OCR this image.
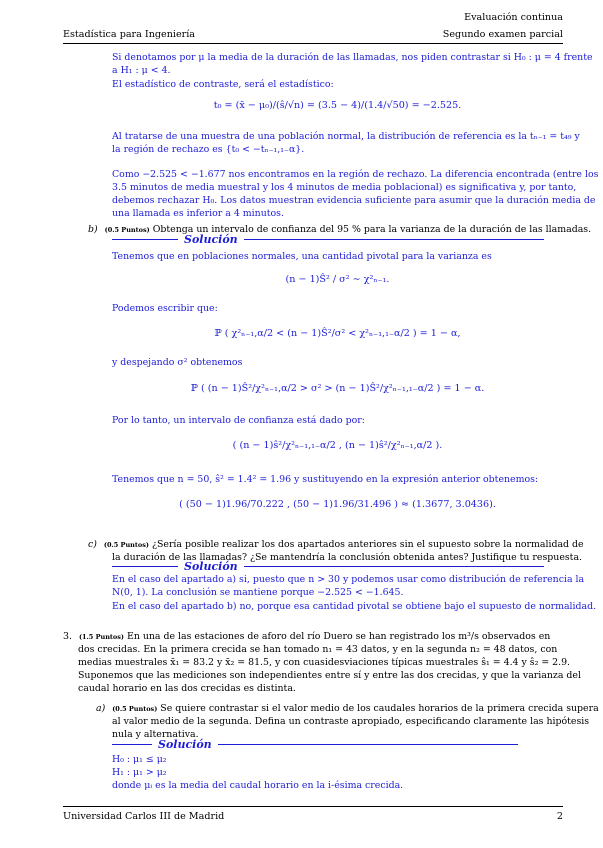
Evaluación continua
Estadística para Ingeniería	Segundo examen parcial
Si denotamos por μ la media de la duración de las llamadas, nos piden contrastar si H₀ : μ = 4 frente
a H₁ : μ < 4.
El estadístico de contraste, será el estadístico:
t₀ = (x̄ − μ₀)/(ŝ/√n) = (3.5 − 4)/(1.4/√50) = −2.525.
Al tratarse de una muestra de una población normal, la distribución de referencia es la tₙ₋₁ = t₄₉ y
la región de rechazo es {t₀ < −tₙ₋₁,₁₋α}.
Como −2.525 < −1.677 nos encontramos en la región de rechazo. La diferencia encontrada (entre los
3.5 minutos de media muestral y los 4 minutos de media poblacional) es significativa y, por tanto,
debemos rechazar H₀. Los datos muestran evidencia suficiente para asumir que la duración media de
una llamada es inferior a 4 minutos.
b) (0.5 Puntos) Obtenga un intervalo de confianza del 95 % para la varianza de la duración de las llamadas.
Solución
Tenemos que en poblaciones normales, una cantidad pivotal para la varianza es
(n − 1)Ŝ² / σ² ∼ χ²ₙ₋₁.
Podemos escribir que:
ℙ ( χ²ₙ₋₁,α/2 < (n − 1)Ŝ²/σ² < χ²ₙ₋₁,₁₋α/2 ) = 1 − α,
y despejando σ² obtenemos
ℙ ( (n − 1)Ŝ²/χ²ₙ₋₁,α/2 > σ² > (n − 1)Ŝ²/χ²ₙ₋₁,₁₋α/2 ) = 1 − α.
Por lo tanto, un intervalo de confianza está dado por:
( (n − 1)ŝ²/χ²ₙ₋₁,₁₋α/2 , (n − 1)ŝ²/χ²ₙ₋₁,α/2 ).
Tenemos que n = 50, ŝ² = 1.4² = 1.96 y sustituyendo en la expresión anterior obtenemos:
( (50 − 1)1.96/70.222 , (50 − 1)1.96/31.496 ) ≈ (1.3677, 3.0436).
c) (0.5 Puntos) ¿Sería posible realizar los dos apartados anteriores sin el supuesto sobre la normalidad de
la duración de las llamadas? ¿Se mantendría la conclusión obtenida antes? Justifique tu respuesta.
Solución
En el caso del apartado a) si, puesto que n > 30 y podemos usar como distribución de referencia la
N(0, 1). La conclusión se mantiene porque −2.525 < −1.645.
En el caso del apartado b) no, porque esa cantidad pivotal se obtiene bajo el supuesto de normalidad.
3. (1.5 Puntos) En una de las estaciones de aforo del río Duero se han registrado los m³/s observados en
dos crecidas. En la primera crecida se han tomado n₁ = 43 datos, y en la segunda n₂ = 48 datos, con
medias muestrales x̄₁ = 83.2 y x̄₂ = 81.5, y con cuasidesviaciones típicas muestrales ŝ₁ = 4.4 y ŝ₂ = 2.9.
Suponemos que las mediciones son independientes entre sí y entre las dos crecidas, y que la varianza del
caudal horario en las dos crecidas es distinta.
a) (0.5 Puntos) Se quiere contrastar si el valor medio de los caudales horarios de la primera crecida supera
al valor medio de la segunda. Defina un contraste apropiado, especificando claramente las hipótesis
nula y alternativa.
Solución
H₀ : μ₁ ≤ μ₂
H₁ : μ₁ > μ₂
donde μᵢ es la media del caudal horario en la i-ésima crecida.
Universidad Carlos III de Madrid	2
